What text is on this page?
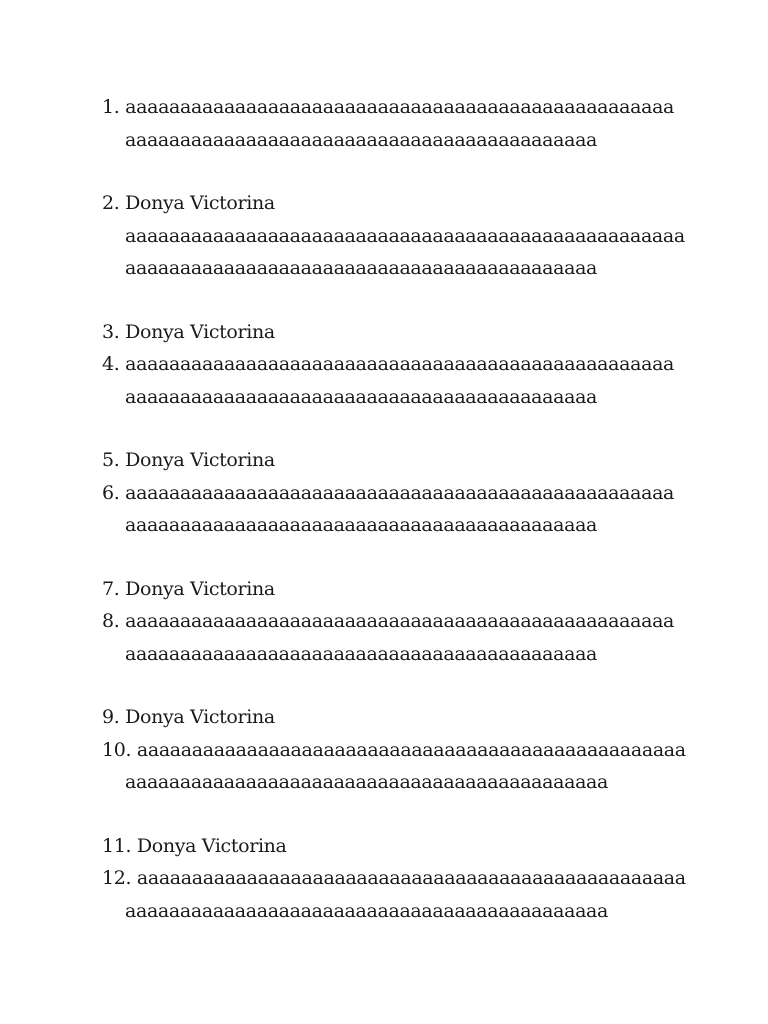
1. aaaaaaaaaaaaaaaaaaaaaaaaaaaaaaaaaaaaaaaaaaaaaaaaaa
aaaaaaaaaaaaaaaaaaaaaaaaaaaaaaaaaaaaaaaaaaa
2. Donya Victorina
aaaaaaaaaaaaaaaaaaaaaaaaaaaaaaaaaaaaaaaaaaaaaaaaaaa
aaaaaaaaaaaaaaaaaaaaaaaaaaaaaaaaaaaaaaaaaaa
3. Donya Victorina
4. aaaaaaaaaaaaaaaaaaaaaaaaaaaaaaaaaaaaaaaaaaaaaaaaaa
aaaaaaaaaaaaaaaaaaaaaaaaaaaaaaaaaaaaaaaaaaa
5. Donya Victorina
6. aaaaaaaaaaaaaaaaaaaaaaaaaaaaaaaaaaaaaaaaaaaaaaaaaa
aaaaaaaaaaaaaaaaaaaaaaaaaaaaaaaaaaaaaaaaaaa
7. Donya Victorina
8. aaaaaaaaaaaaaaaaaaaaaaaaaaaaaaaaaaaaaaaaaaaaaaaaaa
aaaaaaaaaaaaaaaaaaaaaaaaaaaaaaaaaaaaaaaaaaa
9. Donya Victorina
10. aaaaaaaaaaaaaaaaaaaaaaaaaaaaaaaaaaaaaaaaaaaaaaaaaa
aaaaaaaaaaaaaaaaaaaaaaaaaaaaaaaaaaaaaaaaaaaa
11. Donya Victorina
12. aaaaaaaaaaaaaaaaaaaaaaaaaaaaaaaaaaaaaaaaaaaaaaaaaa
aaaaaaaaaaaaaaaaaaaaaaaaaaaaaaaaaaaaaaaaaaaa
